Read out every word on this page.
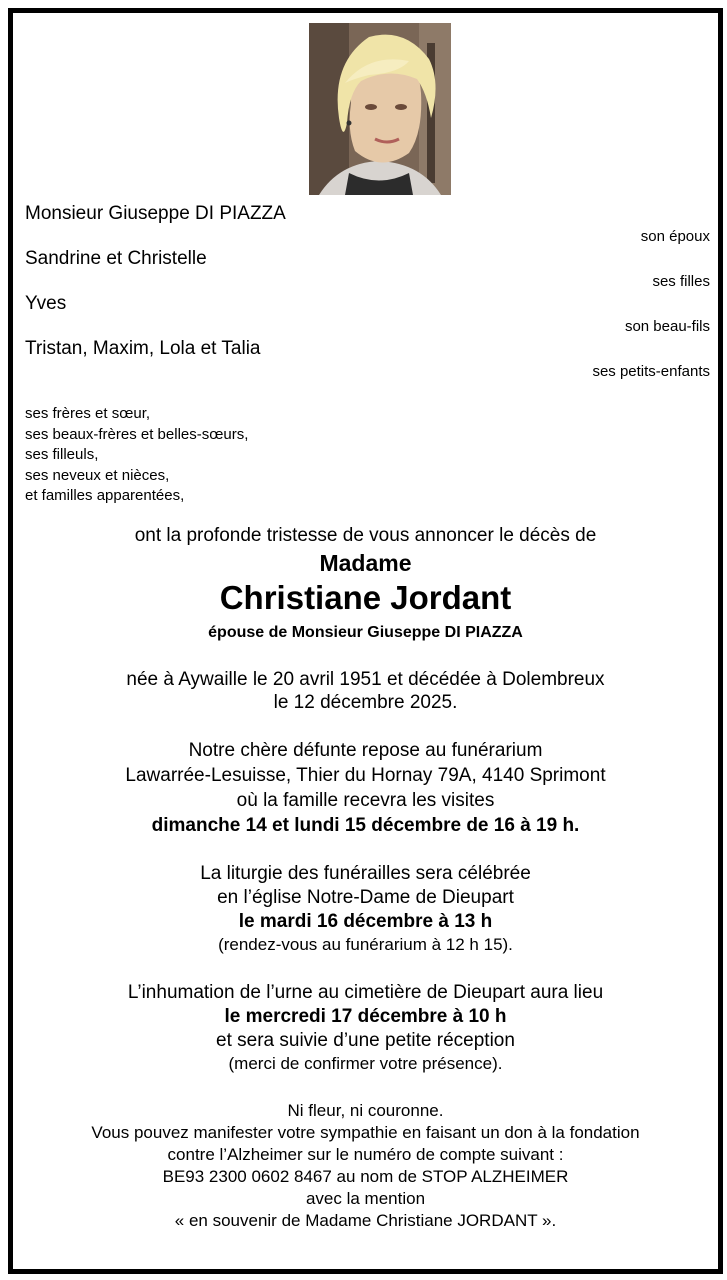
Monsieur Giuseppe DI PIAZZA
son époux
Sandrine et Christelle
ses filles
Yves
son beau-fils
Tristan, Maxim, Lola et Talia
ses petits-enfants
ses frères et sœur,
ses beaux-frères et belles-sœurs,
ses filleuls,
ses neveux et nièces,
et familles apparentées,
ont la profonde tristesse de vous annoncer le décès de
Madame
Christiane Jordant
épouse de Monsieur Giuseppe DI PIAZZA
née à Aywaille le 20 avril 1951 et décédée à Dolembreux
le 12 décembre 2025.
Notre chère défunte repose au funérarium
Lawarrée-Lesuisse, Thier du Hornay 79A, 4140 Sprimont
où la famille recevra les visites
dimanche 14 et lundi 15 décembre de 16 à 19 h.
La liturgie des funérailles sera célébrée
en l’église Notre-Dame de Dieupart
le mardi 16 décembre à 13 h
(rendez-vous au funérarium à 12 h 15).
L’inhumation de l’urne au cimetière de Dieupart aura lieu
le mercredi 17 décembre à 10 h
et sera suivie d’une petite réception
(merci de confirmer votre présence).
Ni fleur, ni couronne.
Vous pouvez manifester votre sympathie en faisant un don à la fondation
contre l’Alzheimer sur le numéro de compte suivant :
BE93 2300 0602 8467 au nom de STOP ALZHEIMER
avec la mention
« en souvenir de Madame Christiane JORDANT ».
